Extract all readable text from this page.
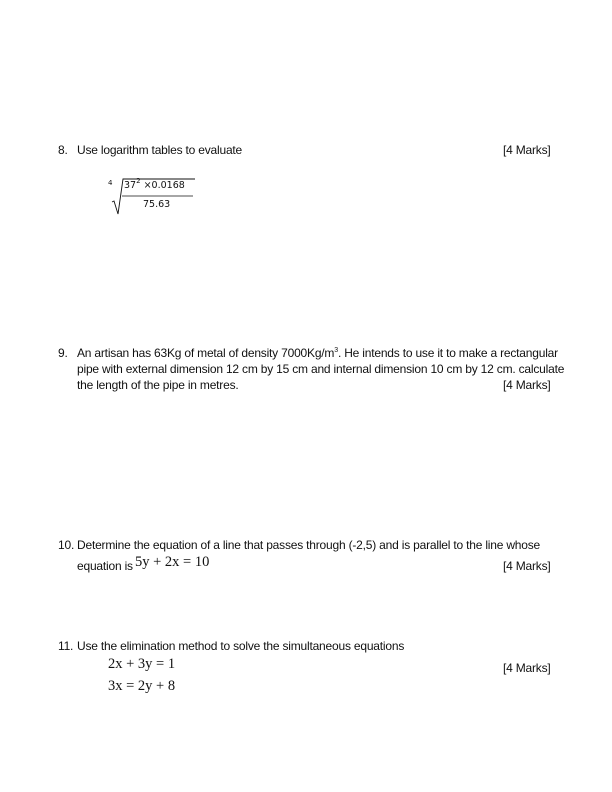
8. Use logarithm tables to evaluate	[4 Marks]
4 $37^2 \times 0.0168$
75.63
9. An artisan has 63Kg of metal of density $7000Kg/m^3$. He intends to use it to make a rectangular
pipe with external dimension 12 cm by 15 cm and internal dimension 10 cm by 12 cm. calculate
the length of the pipe in metres.	[4 Marks]
10. Determine the equation of a line that passes through (-2,5) and is parallel to the line whose
equation is 5y + 2x = 10	[4 Marks]
11. Use the elimination method to solve the simultaneous equations
2x + 3y = 1
3x = 2y + 8
[4 Marks]
